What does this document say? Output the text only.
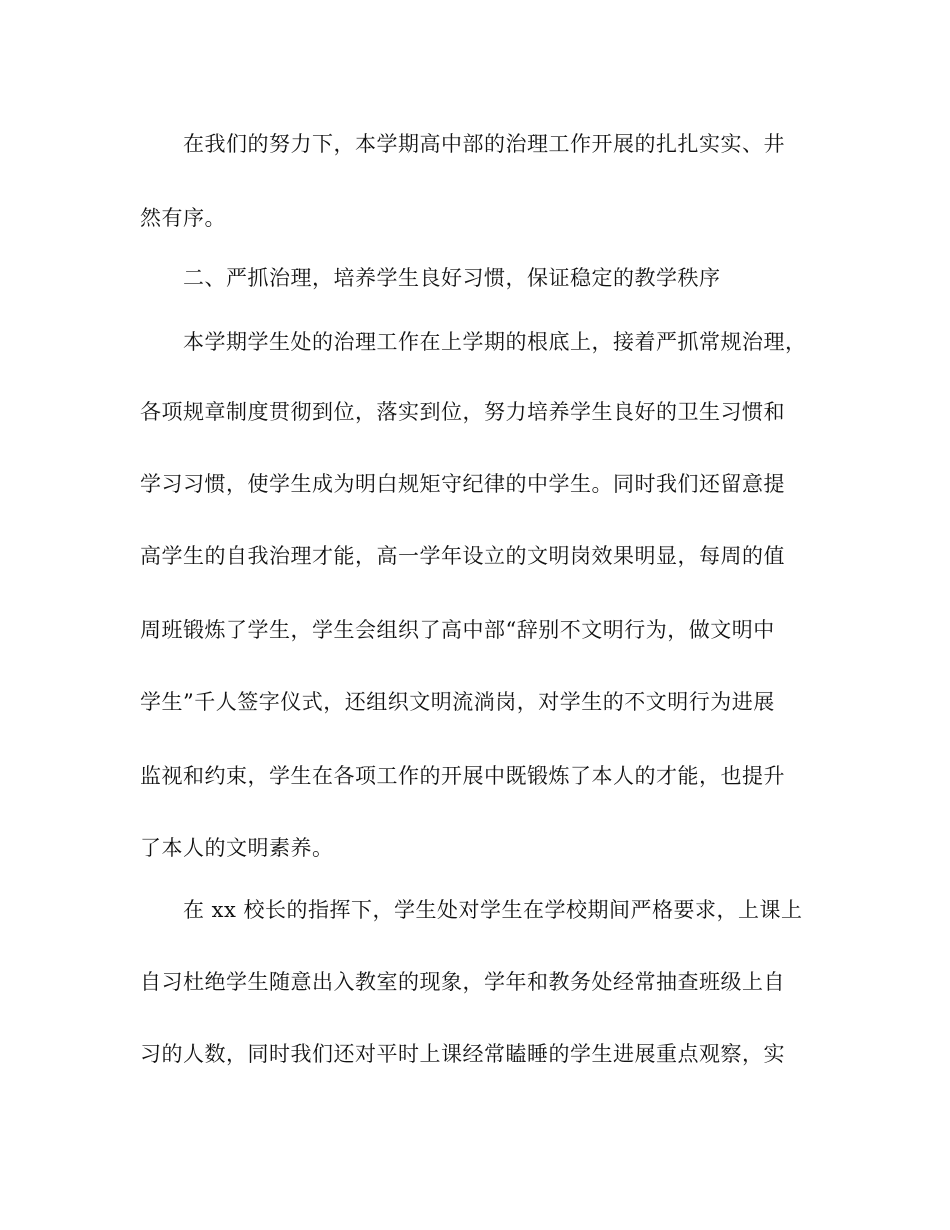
在我们的努力下，本学期高中部的治理工作开展的扎扎实实、井
然有序。
二、严抓治理，培养学生良好习惯，保证稳定的教学秩序
本学期学生处的治理工作在上学期的根底上，接着严抓常规治理，
各项规章制度贯彻到位，落实到位，努力培养学生良好的卫生习惯和
学习习惯，使学生成为明白规矩守纪律的中学生。同时我们还留意提
高学生的自我治理才能，高一学年设立的文明岗效果明显，每周的值
周班锻炼了学生，学生会组织了高中部“辞别不文明行为，做文明中
学生”千人签字仪式，还组织文明流淌岗，对学生的不文明行为进展
监视和约束，学生在各项工作的开展中既锻炼了本人的才能，也提升
了本人的文明素养。
在 xx 校长的指挥下，学生处对学生在学校期间严格要求，上课上
自习杜绝学生随意出入教室的现象，学年和教务处经常抽查班级上自
习的人数，同时我们还对平时上课经常瞌睡的学生进展重点观察，实
